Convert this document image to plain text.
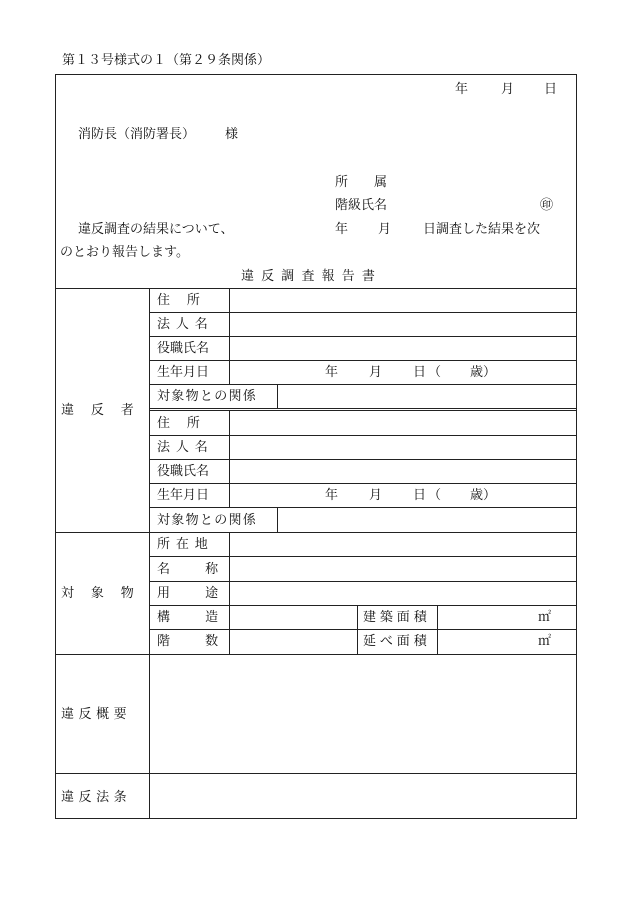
第１３号様式の１（第２９条関係）
年	月 日
消防長（消防署長） 様
所　　属
階級氏名	㊞
違反調査の結果について、	年 月 日調査した結果を次
のとおり報告します。
違反調査報告書
違反者
住所
法人名
役職氏名
生年月日	年 月 日 （ 歳）
対象物との関係
住所
法人名
役職氏名
生年月日	年 月 日 （ 歳）
対象物との関係
対象物
所在地
名称
用途
構造	建築面積	㎡
階数	延べ面積	㎡
違反概要
違反法条
